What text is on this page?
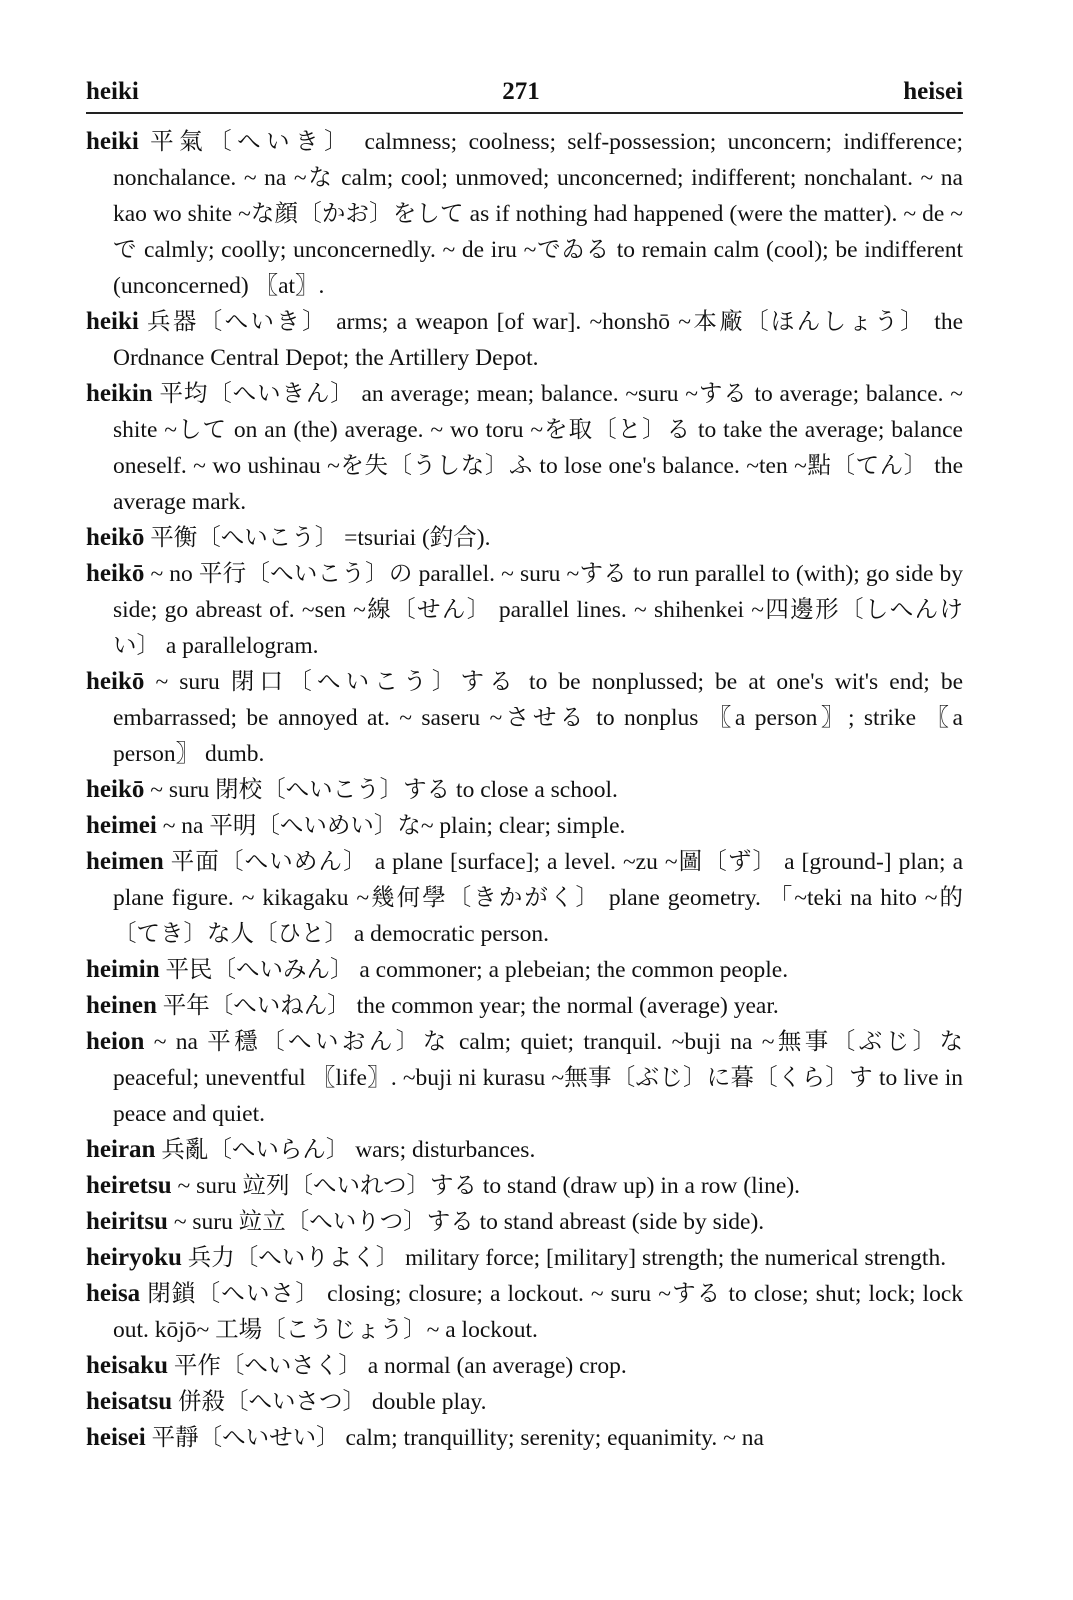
heiki	271	heisei

heiki 平氣〔へいき〕 calmness; coolness; self-possession; unconcern; indifference; nonchalance. ~ na ~な calm; cool; unmoved; unconcerned; indifferent; nonchalant. ~ na kao wo shite ~な顔〔かお〕をして as if nothing had happened (were the matter). ~ de ~で calmly; coolly; unconcernedly. ~ de iru ~でゐる to remain calm (cool); be indifferent (unconcerned) 〖at〗.

heiki 兵器〔へいき〕 arms; a weapon [of war]. ~honshō ~本廠〔ほんしょう〕 the Ordnance Central Depot; the Artillery Depot.

heikin 平均〔へいきん〕 an average; mean; balance. ~suru ~する to average; balance. ~ shite ~して on an (the) average. ~ wo toru ~を取〔と〕る to take the average; balance oneself. ~ wo ushinau ~を失〔うしな〕ふ to lose one's balance. ~ten ~點〔てん〕 the average mark.

heikō 平衡〔へいこう〕 =tsuriai (釣合).

heikō ~ no 平行〔へいこう〕の parallel. ~ suru ~する to run parallel to (with); go side by side; go abreast of. ~sen ~線〔せん〕 parallel lines. ~ shihenkei ~四邊形〔しへんけい〕 a parallelogram.

heikō ~ suru 閉口〔へいこう〕する to be nonplussed; be at one's wit's end; be embarrassed; be annoyed at. ~ saseru ~させる to nonplus 〖a person〗; strike 〖a person〗 dumb.

heikō ~ suru 閉校〔へいこう〕する to close a school.

heimei ~ na 平明〔へいめい〕な~ plain; clear; simple.

heimen 平面〔へいめん〕 a plane [surface]; a level. ~zu ~圖〔ず〕 a [ground-] plan; a plane figure. ~ kikagaku ~幾何學〔きかがく〕 plane geometry. 「~teki na hito ~的〔てき〕な人〔ひと〕 a democratic person.

heimin 平民〔へいみん〕 a commoner; a plebeian; the common people.

heinen 平年〔へいねん〕 the common year; the normal (average) year.

heion ~ na 平穩〔へいおん〕な calm; quiet; tranquil. ~buji na ~無事〔ぶじ〕な peaceful; uneventful 〖life〗. ~buji ni kurasu ~無事〔ぶじ〕に暮〔くら〕す to live in peace and quiet.

heiran 兵亂〔へいらん〕 wars; disturbances.

heiretsu ~ suru 竝列〔へいれつ〕する to stand (draw up) in a row (line).

heiritsu ~ suru 竝立〔へいりつ〕する to stand abreast (side by side).

heiryoku 兵力〔へいりよく〕 military force; [military] strength; the numerical strength.

heisa 閉鎖〔へいさ〕 closing; closure; a lockout. ~ suru ~する to close; shut; lock; lock out. kōjō~ 工場〔こうじょう〕~ a lockout.

heisaku 平作〔へいさく〕 a normal (an average) crop.

heisatsu 併殺〔へいさつ〕 double play.

heisei 平靜〔へいせい〕 calm; tranquillity; serenity; equanimity. ~ na
